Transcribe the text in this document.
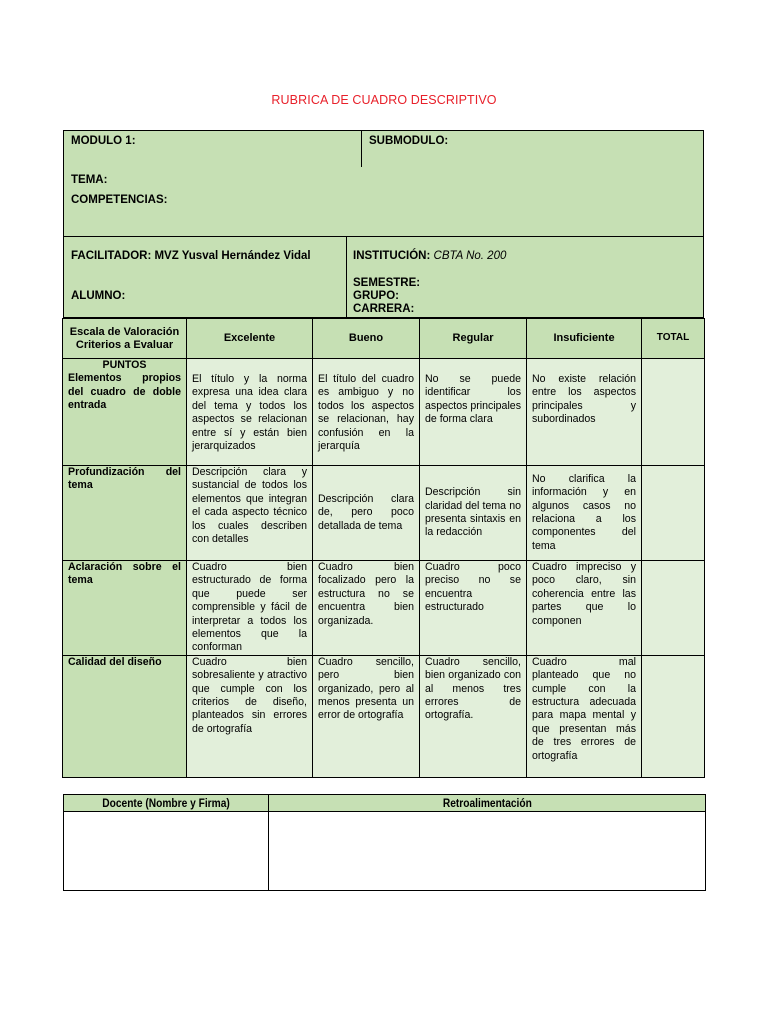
RUBRICA DE CUADRO DESCRIPTIVO
MODULO 1:	SUBMODULO:
TEMA:
COMPETENCIAS:
FACILITADOR: MVZ Yusval Hernández Vidal	INSTITUCIÓN: CBTA No. 200
ALUMNO:
SEMESTRE:
GRUPO:
CARRERA:
Escala de Valoración Criterios a Evaluar	Excelente	Bueno	Regular	Insuficiente	TOTAL

PUNTOS
Elementos propios del cuadro de doble entrada	El título y la norma expresa una idea clara del tema y todos los aspectos se relacionan entre sí y están bien jerarquizados	El título del cuadro es ambiguo y no todos los aspectos se relacionan, hay confusión en la jerarquía	No se puede identificar los aspectos principales de forma clara	No existe relación entre los aspectos principales y subordinados	
Profundización del tema	Descripción clara y sustancial de todos los elementos que integran el cada aspecto técnico los cuales describen con detalles	Descripción clara de, pero poco detallada de tema	Descripción sin claridad del tema no presenta sintaxis en la redacción	No clarifica la información y en algunos casos no relaciona a los componentes del tema	
Aclaración sobre el tema	Cuadro bien estructurado de forma que puede ser comprensible y fácil de interpretar a todos los elementos que la conforman	Cuadro bien focalizado pero la estructura no se encuentra bien organizada.	Cuadro poco preciso no se encuentra estructurado	Cuadro impreciso y poco claro, sin coherencia entre las partes que lo componen	
Calidad del diseño	Cuadro bien sobresaliente y atractivo que cumple con los criterios de diseño, planteados sin errores de ortografía	Cuadro sencillo, pero bien organizado, pero al menos presenta un error de ortografía	Cuadro sencillo, bien organizado con al menos tres errores de ortografía.	Cuadro mal planteado que no cumple con la estructura adecuada para mapa mental y que presentan más de tres errores de ortografía	
Docente (Nombre y Firma)	Retroalimentación
